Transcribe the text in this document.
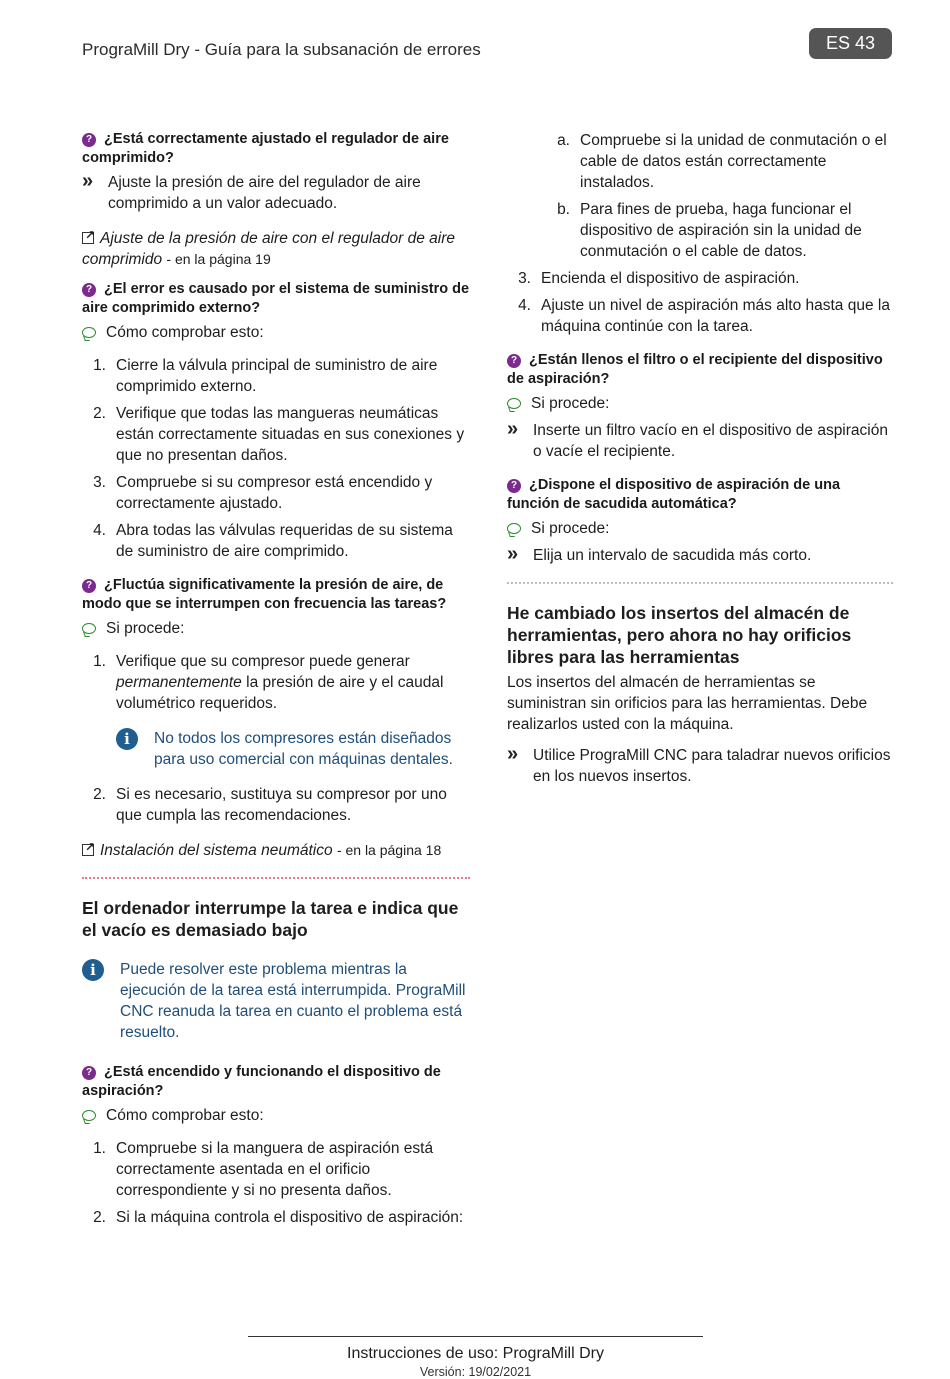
PrograMill Dry - Guía para la subsanación de errores	ES 43
? ¿Está correctamente ajustado el regulador de aire comprimido?
» Ajuste la presión de aire del regulador de aire comprimido a un valor adecuado.
↗Ajuste de la presión de aire con el regulador de aire comprimido - en la página 19
? ¿El error es causado por el sistema de suministro de aire comprimido externo?
Cómo comprobar esto:
1. Cierre la válvula principal de suministro de aire comprimido externo.
2. Verifique que todas las mangueras neumáticas están correctamente situadas en sus conexiones y que no presentan daños.
3. Compruebe si su compresor está encendido y correctamente ajustado.
4. Abra todas las válvulas requeridas de su sistema de suministro de aire comprimido.
? ¿Fluctúa significativamente la presión de aire, de modo que se interrumpen con frecuencia las tareas?
Si procede:
1. Verifique que su compresor puede generar permanentemente la presión de aire y el caudal volumétrico requeridos.
i	No todos los compresores están diseñados para uso comercial con máquinas dentales.
2. Si es necesario, sustituya su compresor por uno que cumpla las recomendaciones.
↗Instalación del sistema neumático - en la página 18
El ordenador interrumpe la tarea e indica que el vacío es demasiado bajo
i	Puede resolver este problema mientras la ejecución de la tarea está interrumpida. PrograMill CNC reanuda la tarea en cuanto el problema está resuelto.
? ¿Está encendido y funcionando el dispositivo de aspiración?
Cómo comprobar esto:
1. Compruebe si la manguera de aspiración está correctamente asentada en el orificio correspondiente y si no presenta daños.
2. Si la máquina controla el dispositivo de aspiración:
a. Compruebe si la unidad de conmutación o el cable de datos están correctamente instalados.
b. Para fines de prueba, haga funcionar el dispositivo de aspiración sin la unidad de conmutación o el cable de datos.
3. Encienda el dispositivo de aspiración.
4. Ajuste un nivel de aspiración más alto hasta que la máquina continúe con la tarea.
? ¿Están llenos el filtro o el recipiente del dispositivo de aspiración?
Si procede:
» Inserte un filtro vacío en el dispositivo de aspiración o vacíe el recipiente.
? ¿Dispone el dispositivo de aspiración de una función de sacudida automática?
Si procede:
» Elija un intervalo de sacudida más corto.
He cambiado los insertos del almacén de herramientas, pero ahora no hay orificios libres para las herramientas
Los insertos del almacén de herramientas se suministran sin orificios para las herramientas. Debe realizarlos usted con la máquina.
» Utilice PrograMill CNC para taladrar nuevos orificios en los nuevos insertos.
Instrucciones de uso: PrograMill Dry
Versión: 19/02/2021
